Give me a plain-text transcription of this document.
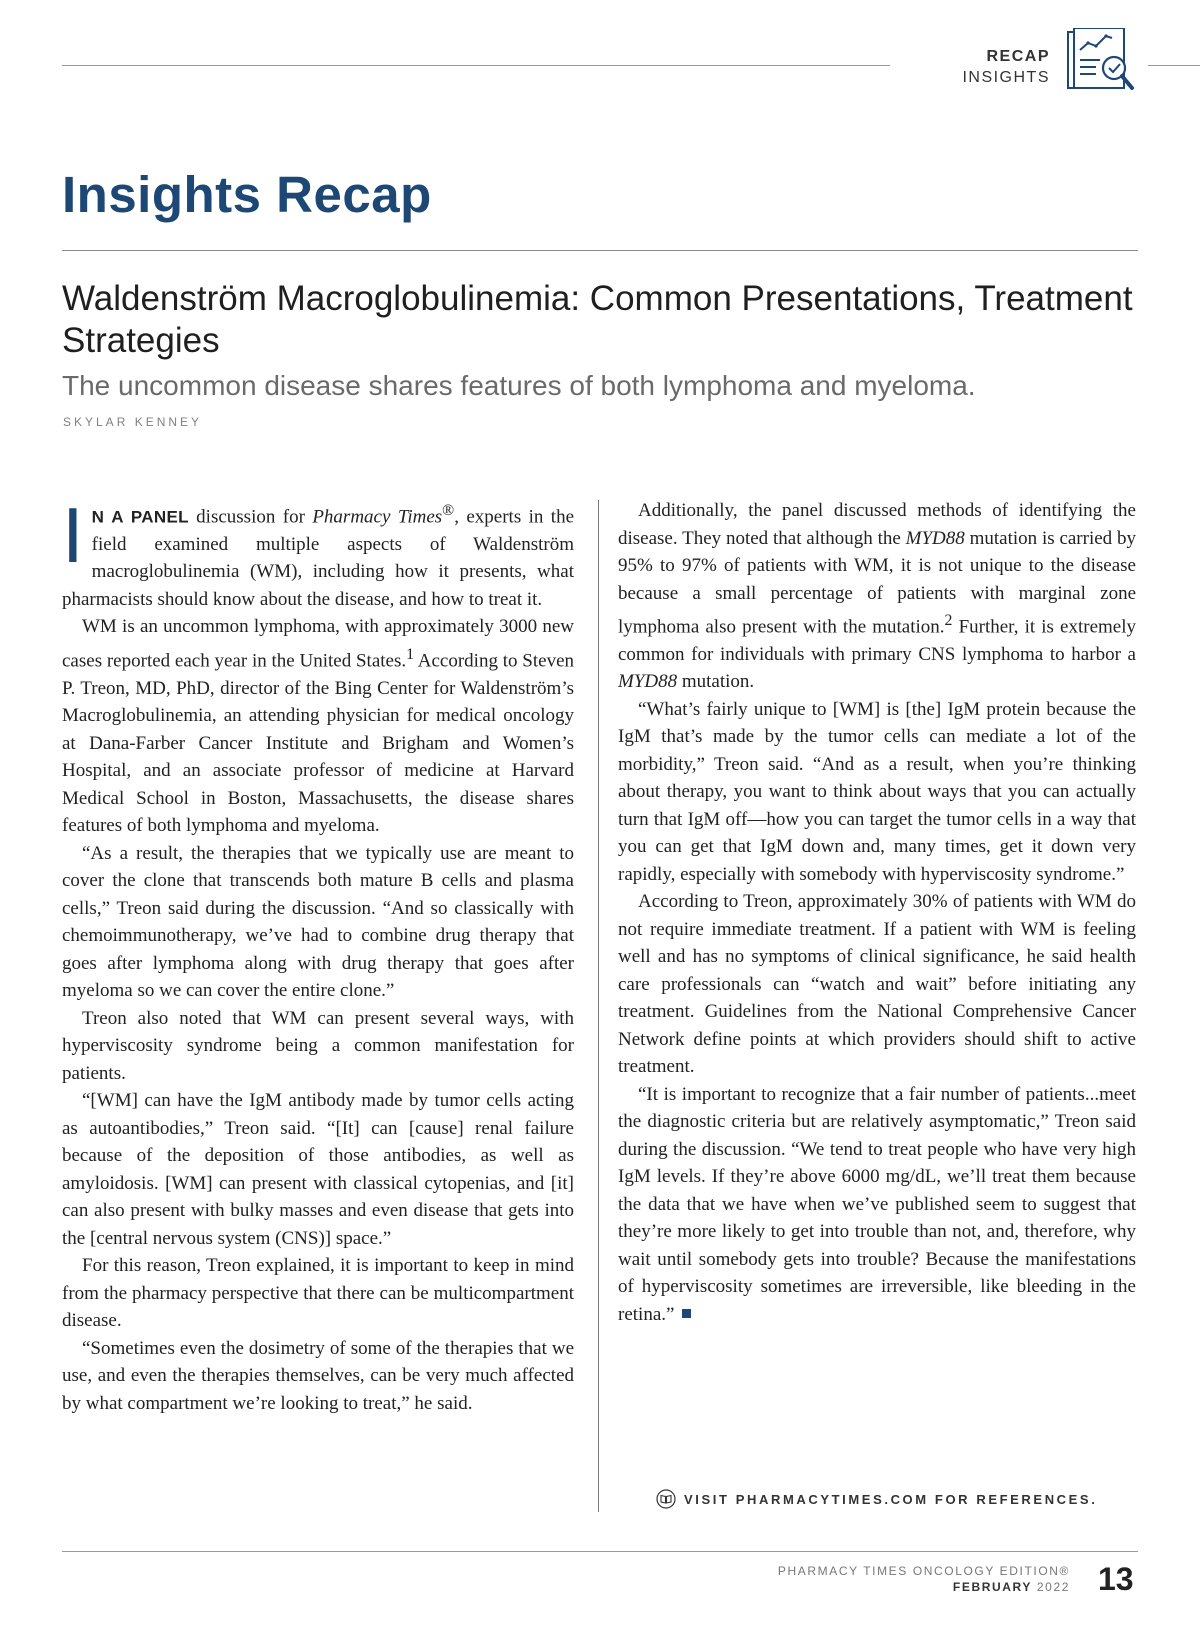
RECAP
INSIGHTS
Insights Recap
Waldenström Macroglobulinemia: Common Presentations, Treatment Strategies
The uncommon disease shares features of both lymphoma and myeloma.
SKYLAR KENNEY

I N A PANEL discussion for Pharmacy Times®, experts in the field examined multiple aspects of Waldenström macroglobulinemia (WM), including how it presents, what pharmacists should know about the disease, and how to treat it.

WM is an uncommon lymphoma, with approximately 3000 new cases reported each year in the United States.$^1$ According to Steven P. Treon, MD, PhD, director of the Bing Center for Waldenström’s Macroglobulinemia, an attending physician for medical oncology at Dana-Farber Cancer Institute and Brigham and Women’s Hospital, and an associate professor of medicine at Harvard Medical School in Boston, Massachusetts, the disease shares features of both lymphoma and myeloma.

“As a result, the therapies that we typically use are meant to cover the clone that transcends both mature B cells and plasma cells,” Treon said during the discussion. “And so classically with chemoimmunotherapy, we’ve had to combine drug therapy that goes after lymphoma along with drug therapy that goes after myeloma so we can cover the entire clone.”

Treon also noted that WM can present several ways, with hyperviscosity syndrome being a common manifestation for patients.

“[WM] can have the IgM antibody made by tumor cells acting as autoantibodies,” Treon said. “[It] can [cause] renal failure because of the deposition of those antibodies, as well as amyloidosis. [WM] can present with classical cytopenias, and [it] can also present with bulky masses and even disease that gets into the [central nervous system (CNS)] space.”

For this reason, Treon explained, it is important to keep in mind from the pharmacy perspective that there can be multicompartment disease.

“Sometimes even the dosimetry of some of the therapies that we use, and even the therapies themselves, can be very much affected by what compartment we’re looking to treat,” he said.

Additionally, the panel discussed methods of identifying the disease. They noted that although the MYD88 mutation is carried by 95% to 97% of patients with WM, it is not unique to the disease because a small percentage of patients with marginal zone lymphoma also present with the mutation.$^2$ Further, it is extremely common for individuals with primary CNS lymphoma to harbor a MYD88 mutation.

“What’s fairly unique to [WM] is [the] IgM protein because the IgM that’s made by the tumor cells can mediate a lot of the morbidity,” Treon said. “And as a result, when you’re thinking about therapy, you want to think about ways that you can actually turn that IgM off—how you can target the tumor cells in a way that you can get that IgM down and, many times, get it down very rapidly, especially with somebody with hyperviscosity syndrome.”

According to Treon, approximately 30% of patients with WM do not require immediate treatment. If a patient with WM is feeling well and has no symptoms of clinical significance, he said health care professionals can “watch and wait” before initiating any treatment. Guidelines from the National Comprehensive Cancer Network define points at which providers should shift to active treatment.

“It is important to recognize that a fair number of patients...meet the diagnostic criteria but are relatively asymptomatic,” Treon said during the discussion. “We tend to treat people who have very high IgM levels. If they’re above 6000 mg/dL, we’ll treat them because the data that we have when we’ve published seem to suggest that they’re more likely to get into trouble than not, and, therefore, why wait until somebody gets into trouble? Because the manifestations of hyperviscosity sometimes are irreversible, like bleeding in the retina.”

VISIT PHARMACYTIMES.COM FOR REFERENCES.
PHARMACY TIMES ONCOLOGY EDITION®
FEBRUARY 2022 13
